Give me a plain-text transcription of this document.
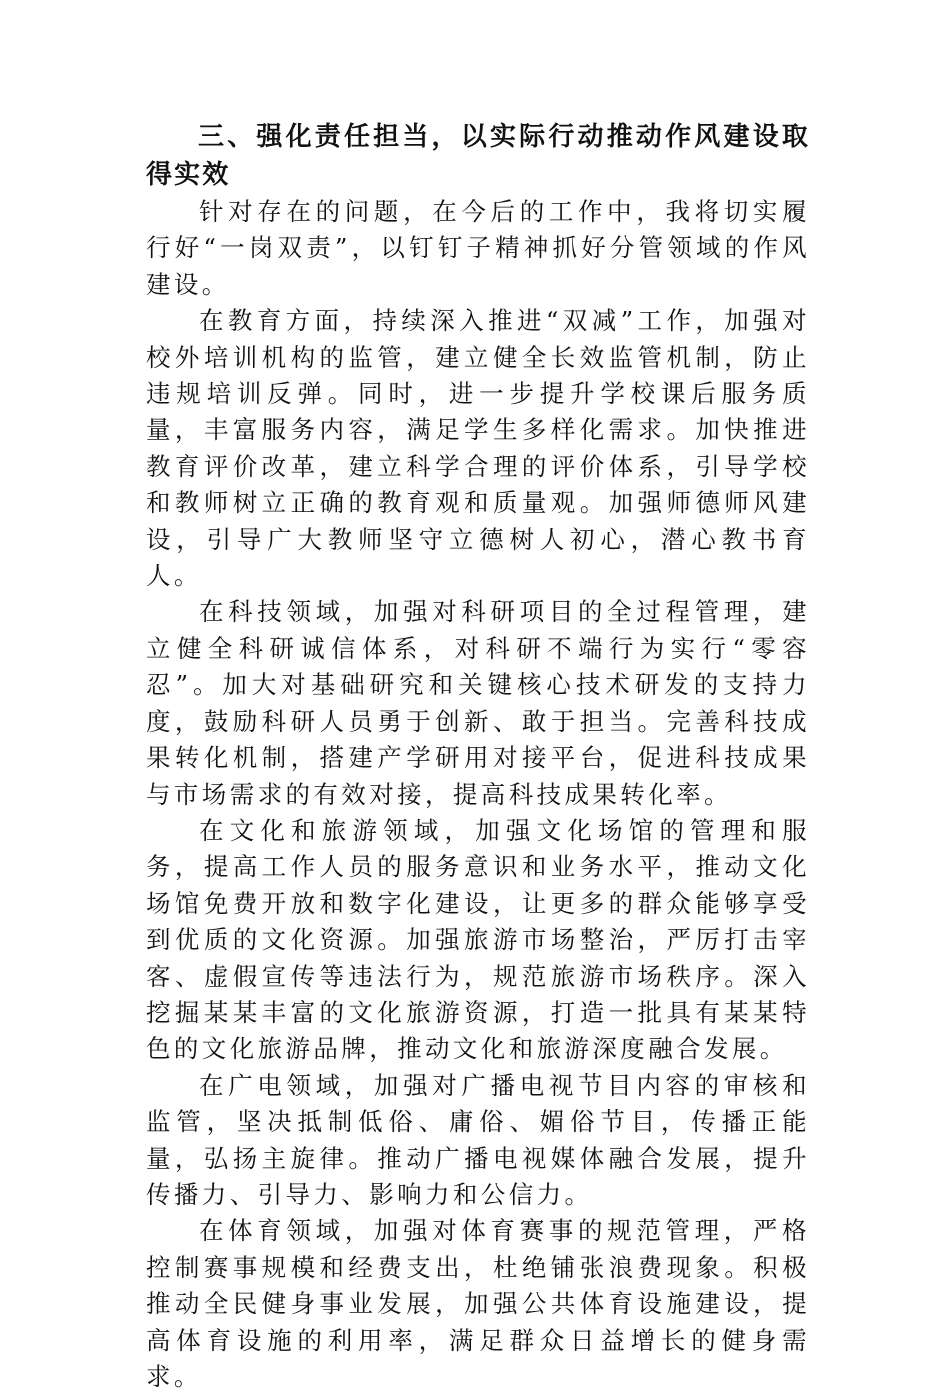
三、强化责任担当，以实际行动推动作风建设取得实效

针对存在的问题，在今后的工作中，我将切实履行好“一岗双责”，以钉钉子精神抓好分管领域的作风建设。

在教育方面，持续深入推进“双减”工作，加强对校外培训机构的监管，建立健全长效监管机制，防止违规培训反弹。同时，进一步提升学校课后服务质量，丰富服务内容，满足学生多样化需求。加快推进教育评价改革，建立科学合理的评价体系，引导学校和教师树立正确的教育观和质量观。加强师德师风建设，引导广大教师坚守立德树人初心，潜心教书育人。

在科技领域，加强对科研项目的全过程管理，建立健全科研诚信体系，对科研不端行为实行“零容忍”。加大对基础研究和关键核心技术研发的支持力度，鼓励科研人员勇于创新、敢于担当。完善科技成果转化机制，搭建产学研用对接平台，促进科技成果与市场需求的有效对接，提高科技成果转化率。

在文化和旅游领域，加强文化场馆的管理和服务，提高工作人员的服务意识和业务水平，推动文化场馆免费开放和数字化建设，让更多的群众能够享受到优质的文化资源。加强旅游市场整治，严厉打击宰客、虚假宣传等违法行为，规范旅游市场秩序。深入挖掘某某丰富的文化旅游资源，打造一批具有某某特色的文化旅游品牌，推动文化和旅游深度融合发展。

在广电领域，加强对广播电视节目内容的审核和监管，坚决抵制低俗、庸俗、媚俗节目，传播正能量，弘扬主旋律。推动广播电视媒体融合发展，提升传播力、引导力、影响力和公信力。

在体育领域，加强对体育赛事的规范管理，严格控制赛事规模和经费支出，杜绝铺张浪费现象。积极推动全民健身事业发展，加强公共体育设施建设，提高体育设施的利用率，满足群众日益增长的健身需求。
